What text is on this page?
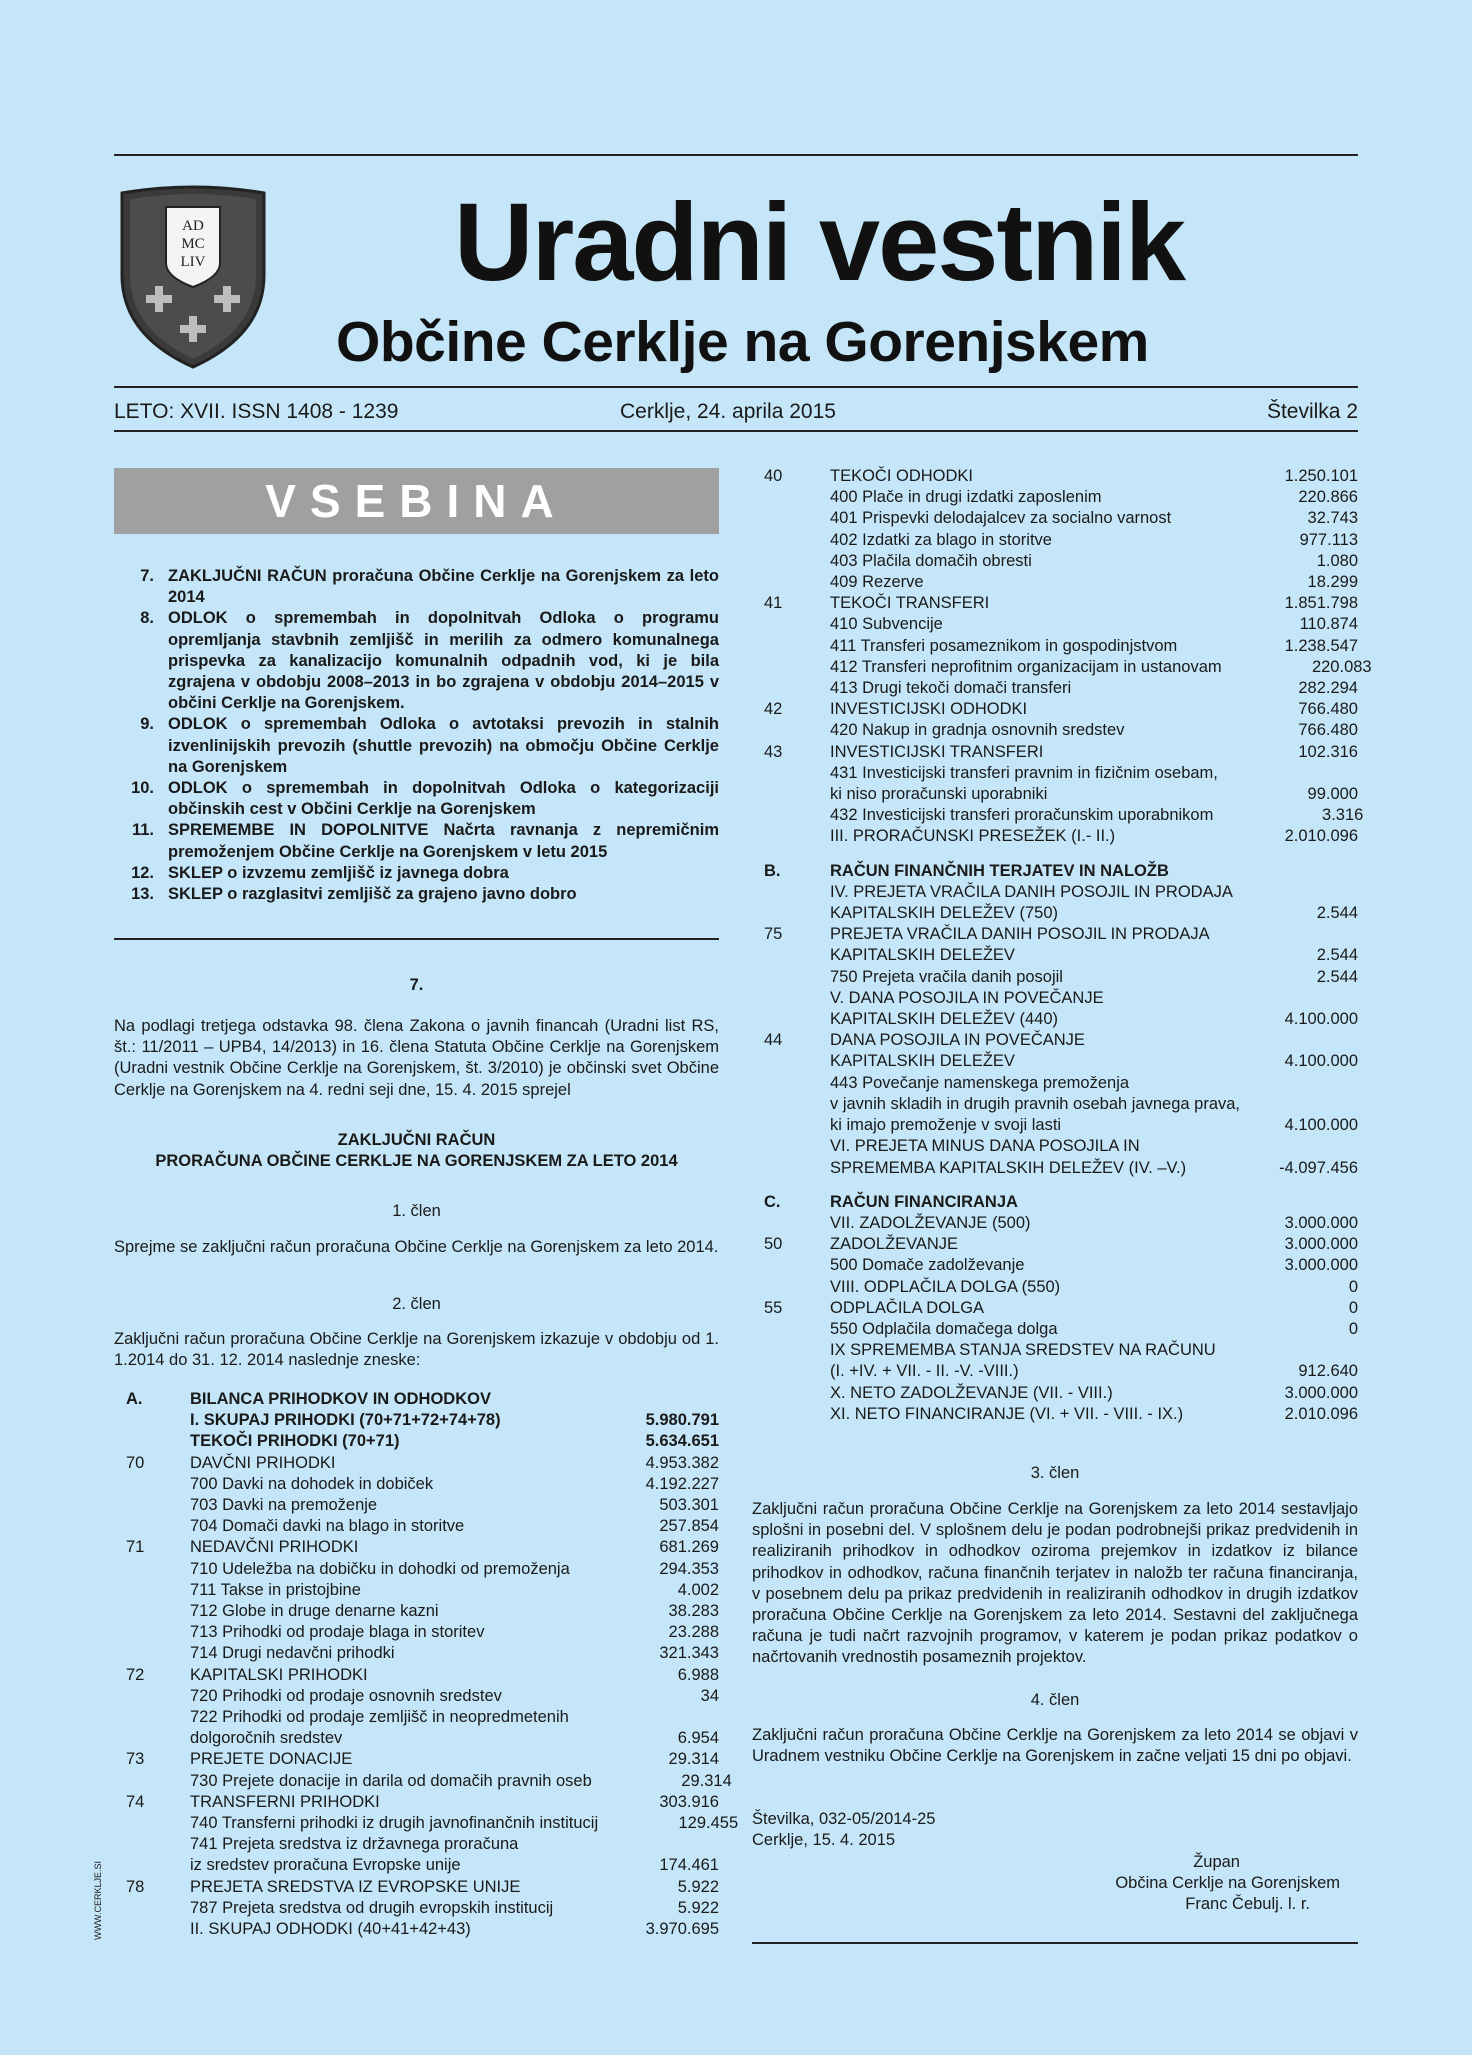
AD
MC
LIV Uradni vestnik
Občine Cerklje na Gorenjskem
LETO: XVII. ISSN 1408 - 1239	Cerklje, 24. aprila 2015	Številka 2
VSEBINA
7. ZAKLJUČNI RAČUN proračuna Občine Cerklje na Gorenjskem za leto 2014
8. ODLOK o spremembah in dopolnitvah Odloka o programu opremljanja stavbnih zemljišč in merilih za odmero komunalnega prispevka za kanalizacijo komunalnih odpadnih vod, ki je bila zgrajena v obdobju 2008–2013 in bo zgrajena v obdobju 2014–2015 v občini Cerklje na Gorenjskem.
9. ODLOK o spremembah Odloka o avtotaksi prevozih in stalnih izvenlinijskih prevozih (shuttle prevozih) na območju Občine Cerklje na Gorenjskem
10. ODLOK o spremembah in dopolnitvah Odloka o kategorizaciji občinskih cest v Občini Cerklje na Gorenjskem
11. SPREMEMBE IN DOPOLNITVE Načrta ravnanja z nepremičnim premoženjem Občine Cerklje na Gorenjskem v letu 2015
12. SKLEP o izvzemu zemljišč iz javnega dobra
13. SKLEP o razglasitvi zemljišč za grajeno javno dobro
7.
Na podlagi tretjega odstavka 98. člena Zakona o javnih financah (Uradni list RS, št.: 11/2011 – UPB4, 14/2013) in 16. člena Statuta Občine Cerklje na Gorenjskem (Uradni vestnik Občine Cerklje na Gorenjskem, št. 3/2010) je občinski svet Občine Cerklje na Gorenjskem na 4. redni seji dne, 15. 4. 2015 sprejel
ZAKLJUČNI RAČUN
PRORAČUNA OBČINE CERKLJE NA GORENJSKEM ZA LETO 2014
1. člen
Sprejme se zaključni račun proračuna Občine Cerklje na Gorenjskem za leto 2014.
2. člen
Zaključni račun proračuna Občine Cerklje na Gorenjskem izkazuje v obdobju od 1. 1.2014 do 31. 12. 2014 naslednje zneske:
A.	BILANCA PRIHODKOV IN ODHODKOV
I. SKUPAJ PRIHODKI (70+71+72+74+78)	5.980.791
TEKOČI PRIHODKI (70+71)	5.634.651
70	DAVČNI PRIHODKI	4.953.382
700 Davki na dohodek in dobiček	4.192.227
703 Davki na premoženje	503.301
704 Domači davki na blago in storitve	257.854
71	NEDAVČNI PRIHODKI	681.269
710 Udeležba na dobičku in dohodki od premoženja	294.353
711 Takse in pristojbine	4.002
712 Globe in druge denarne kazni	38.283
713 Prihodki od prodaje blaga in storitev	23.288
714 Drugi nedavčni prihodki	321.343
72	KAPITALSKI PRIHODKI	6.988
720 Prihodki od prodaje osnovnih sredstev	34
722 Prihodki od prodaje zemljišč in neopredmetenih
dolgoročnih sredstev	6.954
73	PREJETE DONACIJE	29.314
730 Prejete donacije in darila od domačih pravnih oseb	29.314
74	TRANSFERNI PRIHODKI	303.916
740 Transferni prihodki iz drugih javnofinančnih institucij	129.455
741 Prejeta sredstva iz državnega proračuna
iz sredstev proračuna Evropske unije	174.461
78	PREJETA SREDSTVA IZ EVROPSKE UNIJE	5.922
787 Prejeta sredstva od drugih evropskih institucij	5.922
II. SKUPAJ ODHODKI (40+41+42+43)	3.970.695
40	TEKOČI ODHODKI	1.250.101
400 Plače in drugi izdatki zaposlenim	220.866
401 Prispevki delodajalcev za socialno varnost	32.743
402 Izdatki za blago in storitve	977.113
403 Plačila domačih obresti	1.080
409 Rezerve	18.299
41	TEKOČI TRANSFERI	1.851.798
410 Subvencije	110.874
411 Transferi posameznikom in gospodinjstvom	1.238.547
412 Transferi neprofitnim organizacijam in ustanovam	220.083
413 Drugi tekoči domači transferi	282.294
42	INVESTICIJSKI ODHODKI	766.480
420 Nakup in gradnja osnovnih sredstev	766.480
43	INVESTICIJSKI TRANSFERI	102.316
431 Investicijski transferi pravnim in fizičnim osebam,
ki niso proračunski uporabniki	99.000
432 Investicijski transferi proračunskim uporabnikom	3.316
III. PRORAČUNSKI PRESEŽEK (I.- II.)	2.010.096
B.	RAČUN FINANČNIH TERJATEV IN NALOŽB
IV. PREJETA VRAČILA DANIH POSOJIL IN PRODAJA
KAPITALSKIH DELEŽEV (750)	2.544
75	PREJETA VRAČILA DANIH POSOJIL IN PRODAJA
KAPITALSKIH DELEŽEV	2.544
750 Prejeta vračila danih posojil	2.544
V. DANA POSOJILA IN POVEČANJE
KAPITALSKIH DELEŽEV (440)	4.100.000
44	DANA POSOJILA IN POVEČANJE
KAPITALSKIH DELEŽEV	4.100.000
443 Povečanje namenskega premoženja
v javnih skladih in drugih pravnih osebah javnega prava,
ki imajo premoženje v svoji lasti	4.100.000
VI. PREJETA MINUS DANA POSOJILA IN
SPREMEMBA KAPITALSKIH DELEŽEV (IV. –V.)	-4.097.456
C.	RAČUN FINANCIRANJA
VII. ZADOLŽEVANJE (500)	3.000.000
50	ZADOLŽEVANJE	3.000.000
500 Domače zadolževanje	3.000.000
VIII. ODPLAČILA DOLGA (550)	0
55	ODPLAČILA DOLGA	0
550 Odplačila domačega dolga	0
IX SPREMEMBA STANJA SREDSTEV NA RAČUNU
(I. +IV. + VII. - II. -V. -VIII.)	912.640
X. NETO ZADOLŽEVANJE (VII. - VIII.)	3.000.000
XI. NETO FINANCIRANJE (VI. + VII. - VIII. - IX.)	2.010.096
3. člen
Zaključni račun proračuna Občine Cerklje na Gorenjskem za leto 2014 sestavljajo splošni in posebni del. V splošnem delu je podan podrobnejši prikaz predvidenih in realiziranih prihodkov in odhodkov oziroma prejemkov in izdatkov iz bilance prihodkov in odhodkov, računa finančnih terjatev in naložb ter računa financiranja, v posebnem delu pa prikaz predvidenih in realiziranih odhodkov in drugih izdatkov proračuna Občine Cerklje na Gorenjskem za leto 2014. Sestavni del zaključnega računa je tudi načrt razvojnih programov, v katerem je podan prikaz podatkov o načrtovanih vrednostih posameznih projektov.
4. člen
Zaključni račun proračuna Občine Cerklje na Gorenjskem za leto 2014 se objavi v Uradnem vestniku Občine Cerklje na Gorenjskem in začne veljati 15 dni po objavi.
Številka, 032-05/2014-25
Cerklje, 15. 4. 2015
Župan
Občina Cerklje na Gorenjskem
Franc Čebulj. l. r.
WWW.CERKLJE.SI
